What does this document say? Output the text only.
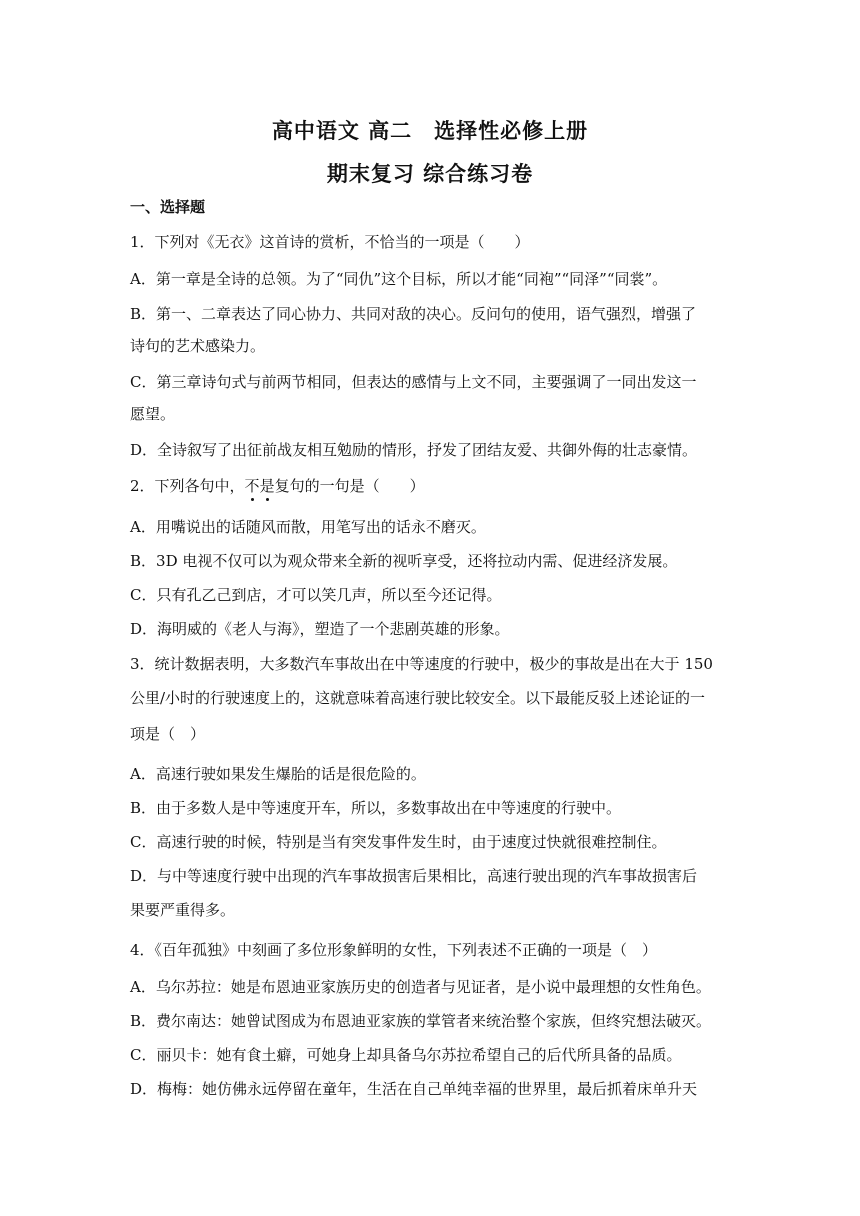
高中语文 高二　选择性必修上册
期末复习 综合练习卷
一、选择题
1．下列对《无衣》这首诗的赏析，不恰当的一项是（　　）
A．第一章是全诗的总领。为了“同仇”这个目标，所以才能“同袍”“同泽”“同裳”。
B．第一、二章表达了同心协力、共同对敌的决心。反问句的使用，语气强烈，增强了
诗句的艺术感染力。
C．第三章诗句式与前两节相同，但表达的感情与上文不同，主要强调了一同出发这一
愿望。
D．全诗叙写了出征前战友相互勉励的情形，抒发了团结友爱、共御外侮的壮志豪情。
2．下列各句中，不是复句的一句是（　　）
A．用嘴说出的话随风而散，用笔写出的话永不磨灭。
B．3D 电视不仅可以为观众带来全新的视听享受，还将拉动内需、促进经济发展。
C．只有孔乙己到店，才可以笑几声，所以至今还记得。
D．海明威的《老人与海》，塑造了一个悲剧英雄的形象。
3．统计数据表明，大多数汽车事故出在中等速度的行驶中，极少的事故是出在大于 150
公里/小时的行驶速度上的，这就意味着高速行驶比较安全。以下最能反驳上述论证的一
项是（　）
A．高速行驶如果发生爆胎的话是很危险的。
B．由于多数人是中等速度开车，所以，多数事故出在中等速度的行驶中。
C．高速行驶的时候，特别是当有突发事件发生时，由于速度过快就很难控制住。
D．与中等速度行驶中出现的汽车事故损害后果相比，高速行驶出现的汽车事故损害后
果要严重得多。
4．《百年孤独》中刻画了多位形象鲜明的女性，下列表述不正确的一项是（　）
A．乌尔苏拉：她是布恩迪亚家族历史的创造者与见证者，是小说中最理想的女性角色。
B．费尔南达：她曾试图成为布恩迪亚家族的掌管者来统治整个家族，但终究想法破灭。
C．丽贝卡：她有食土癖，可她身上却具备乌尔苏拉希望自己的后代所具备的品质。
D．梅梅：她仿佛永远停留在童年，生活在自己单纯幸福的世界里，最后抓着床单升天
